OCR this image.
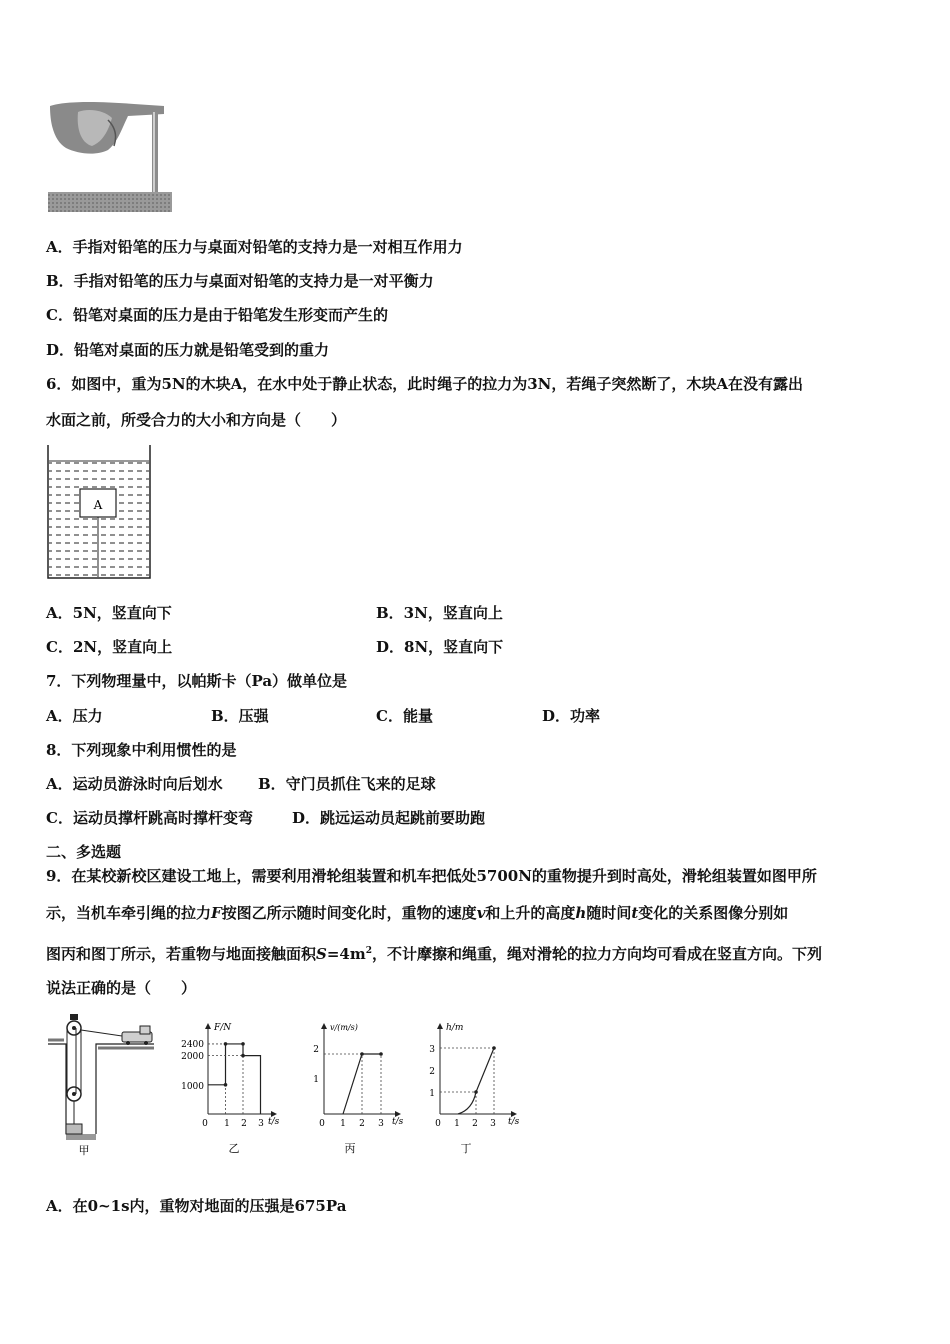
A．手指对铅笔的压力与桌面对铅笔的支持力是一对相互作用力
B．手指对铅笔的压力与桌面对铅笔的支持力是一对平衡力
C．铅笔对桌面的压力是由于铅笔发生形变而产生的
D．铅笔对桌面的压力就是铅笔受到的重力
6．如图中，重为5N的木块A，在水中处于静止状态，此时绳子的拉力为3N，若绳子突然断了，木块A在没有露出
水面之前，所受合力的大小和方向是（　　）
A
A．5N，竖直向下	B．3N，竖直向上
C．2N，竖直向上	D．8N，竖直向下
7．下列物理量中，以帕斯卡（Pa）做单位是
A．压力	B．压强	C．能量	D．功率
8．下列现象中利用惯性的是
A．运动员游泳时向后划水 B．守门员抓住飞来的足球
C．运动员撑杆跳高时撑杆变弯	D．跳远运动员起跳前要助跑
二、多选题
9．在某校新校区建设工地上，需要利用滑轮组装置和机车把低处5700N的重物提升到时高处，滑轮组装置如图甲所
示，当机车牵引绳的拉力F按图乙所示随时间变化时，重物的速度v和上升的高度h随时间t变化的关系图像分别如
图丙和图丁所示，若重物与地面接触面积$S=4m^2$，不计摩擦和绳重，绳对滑轮的拉力方向均可看成在竖直方向。下列
说法正确的是（　　）
甲
F/N
t/s
2400
2000
1000
0 1 2 3
乙
v/(m/s)
t/s
2
1
0 1 2 3
丙
h/m
t/s
3
2
1
0 1 2 3
丁
A．在0~1s内，重物对地面的压强是675Pa
